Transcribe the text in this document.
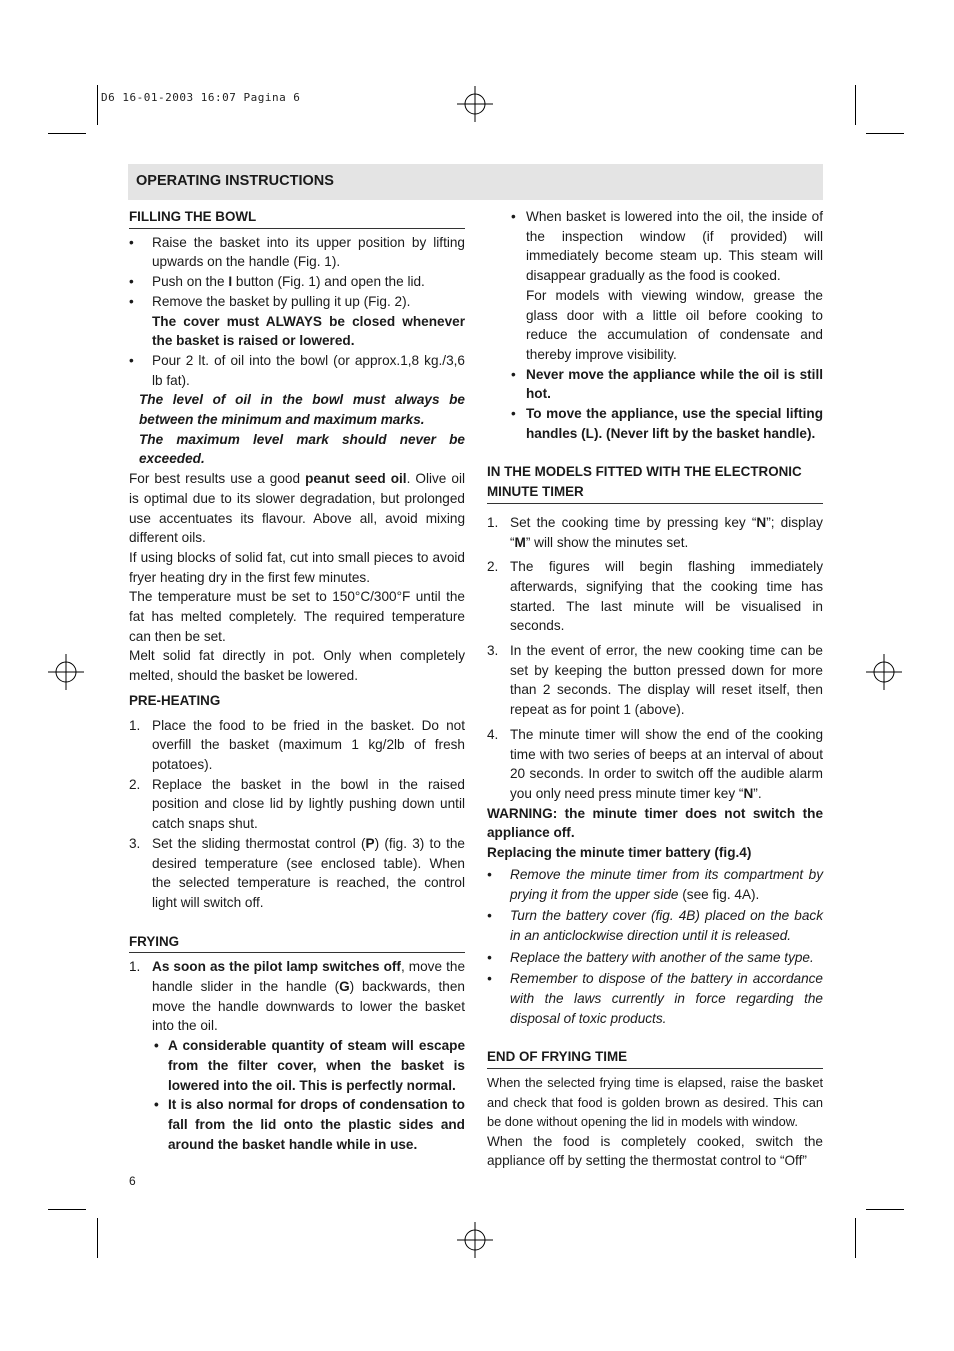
D6 16-01-2003 16:07 Pagina 6
OPERATING INSTRUCTIONS
FILLING THE BOWL
• Raise the basket into its upper position by lifting upwards on the handle (Fig. 1).
• Push on the I button (Fig. 1) and open the lid.
• Remove the basket by pulling it up (Fig. 2).
The cover must ALWAYS be closed whenever the basket is raised or lowered.
• Pour 2 lt. of oil into the bowl (or approx.1,8 kg./3,6 lb fat).

The level of oil in the bowl must always be between the minimum and maximum marks.

The maximum level mark should never be exceeded.

For best results use a good peanut seed oil. Olive oil is optimal due to its slower degradation, but prolonged use accentuates its flavour. Above all, avoid mixing different oils.

If using blocks of solid fat, cut into small pieces to avoid fryer heating dry in the first few minutes.

The temperature must be set to 150°C/300°F until the fat has melted completely. The required temperature can then be set.

Melt solid fat directly in pot. Only when completely melted, should the basket be lowered.

PRE-HEATING
1. Place the food to be fried in the basket. Do not overfill the basket (maximum 1 kg/2lb of fresh potatoes).
2. Replace the basket in the bowl in the raised position and close lid by lightly pushing down until catch snaps shut.
3. Set the sliding thermostat control (P) (fig. 3) to the desired temperature (see enclosed table). When the selected temperature is reached, the control light will switch off.
FRYING
1. As soon as the pilot lamp switches off, move the handle slider in the handle (G) backwards, then move the handle downwards to lower the basket into the oil.
• A considerable quantity of steam will escape from the filter cover, when the basket is lowered into the oil. This is perfectly normal.
• It is also normal for drops of condensation to fall from the lid onto the plastic sides and around the basket handle while in use.
• When basket is lowered into the oil, the inside of the inspection window (if provided) will immediately become steam up. This steam will disappear gradually as the food is cooked.
For models with viewing window, grease the glass door with a little oil before cooking to reduce the accumulation of condensate and thereby improve visibility.
• Never move the appliance while the oil is still hot.
• To move the appliance, use the special lifting handles (L). (Never lift by the basket handle).
IN THE MODELS FITTED WITH THE ELECTRONIC MINUTE TIMER
1. Set the cooking time by pressing key “N”; display “M” will show the minutes set.
2. The figures will begin flashing immediately afterwards, signifying that the cooking time has started. The last minute will be visualised in seconds.
3. In the event of error, the new cooking time can be set by keeping the button pressed down for more than 2 seconds. The display will reset itself, then repeat as for point 1 (above).
4. The minute timer will show the end of the cooking time with two series of beeps at an interval of about 20 seconds. In order to switch off the audible alarm you only need press minute timer key “N”.

WARNING: the minute timer does not switch the appliance off.

Replacing the minute timer battery (fig.4)

• Remove the minute timer from its compartment by prying it from the upper side (see fig. 4A).
• Turn the battery cover (fig. 4B) placed on the back in an anticlockwise direction until it is released.
• Replace the battery with another of the same type.
• Remember to dispose of the battery in accordance with the laws currently in force regarding the disposal of toxic products.
END OF FRYING TIME

When the selected frying time is elapsed, raise the basket and check that food is golden brown as desired. This can be done without opening the lid in models with window.

When the food is completely cooked, switch the appliance off by setting the thermostat control to “Off”

6
